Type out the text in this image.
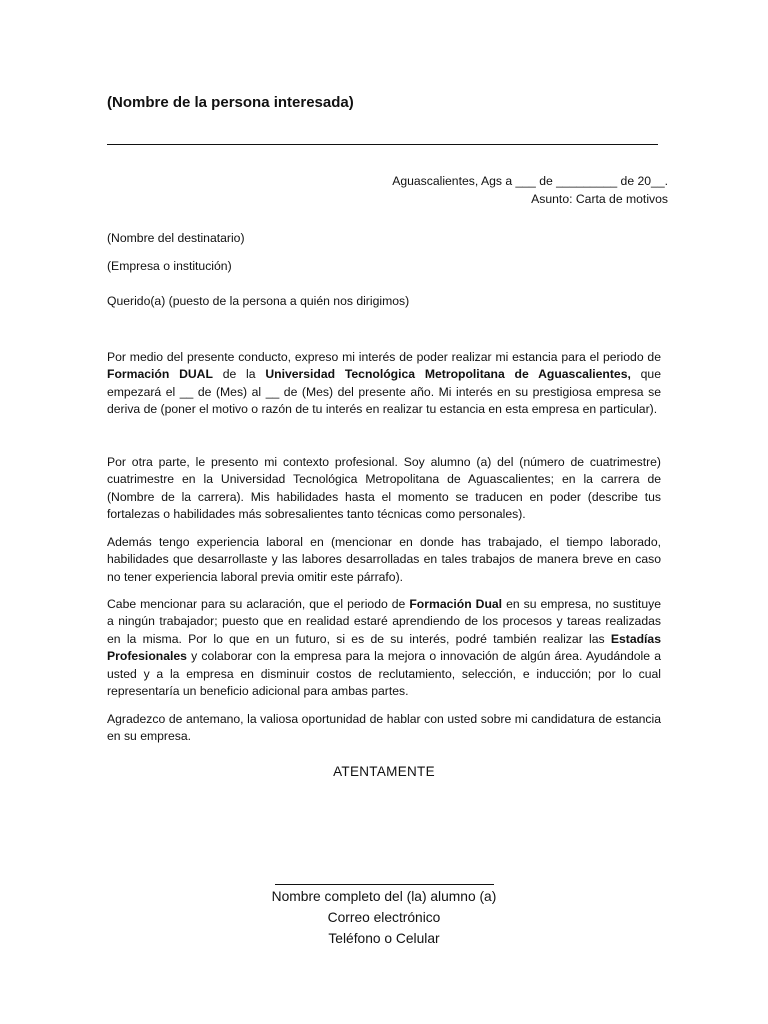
(Nombre de la persona interesada)
Aguascalientes, Ags a ___ de _________ de 20__.
Asunto: Carta de motivos
(Nombre del destinatario)
(Empresa o institución)
Querido(a) (puesto de la persona a quién nos dirigimos)

Por medio del presente conducto, expreso mi interés de poder realizar mi estancia para el periodo de Formación DUAL de la Universidad Tecnológica Metropolitana de Aguascalientes, que empezará el __ de (Mes) al __ de (Mes) del presente año. Mi interés en su prestigiosa empresa se deriva de (poner el motivo o razón de tu interés en realizar tu estancia en esta empresa en particular).

Por otra parte, le presento mi contexto profesional. Soy alumno (a) del (número de cuatrimestre) cuatrimestre en la Universidad Tecnológica Metropolitana de Aguascalientes; en la carrera de (Nombre de la carrera). Mis habilidades hasta el momento se traducen en poder (describe tus fortalezas o habilidades más sobresalientes tanto técnicas como personales).

Además tengo experiencia laboral en (mencionar en donde has trabajado, el tiempo laborado, habilidades que desarrollaste y las labores desarrolladas en tales trabajos de manera breve en caso no tener experiencia laboral previa omitir este párrafo).

Cabe mencionar para su aclaración, que el periodo de Formación Dual en su empresa, no sustituye a ningún trabajador; puesto que en realidad estaré aprendiendo de los procesos y tareas realizadas en la misma. Por lo que en un futuro, si es de su interés, podré también realizar las Estadías Profesionales y colaborar con la empresa para la mejora o innovación de algún área. Ayudándole a usted y a la empresa en disminuir costos de reclutamiento, selección, e inducción; por lo cual representaría un beneficio adicional para ambas partes.

Agradezco de antemano, la valiosa oportunidad de hablar con usted sobre mi candidatura de estancia en su empresa.

ATENTAMENTE
Nombre completo del (la) alumno (a)
Correo electrónico
Teléfono o Celular
